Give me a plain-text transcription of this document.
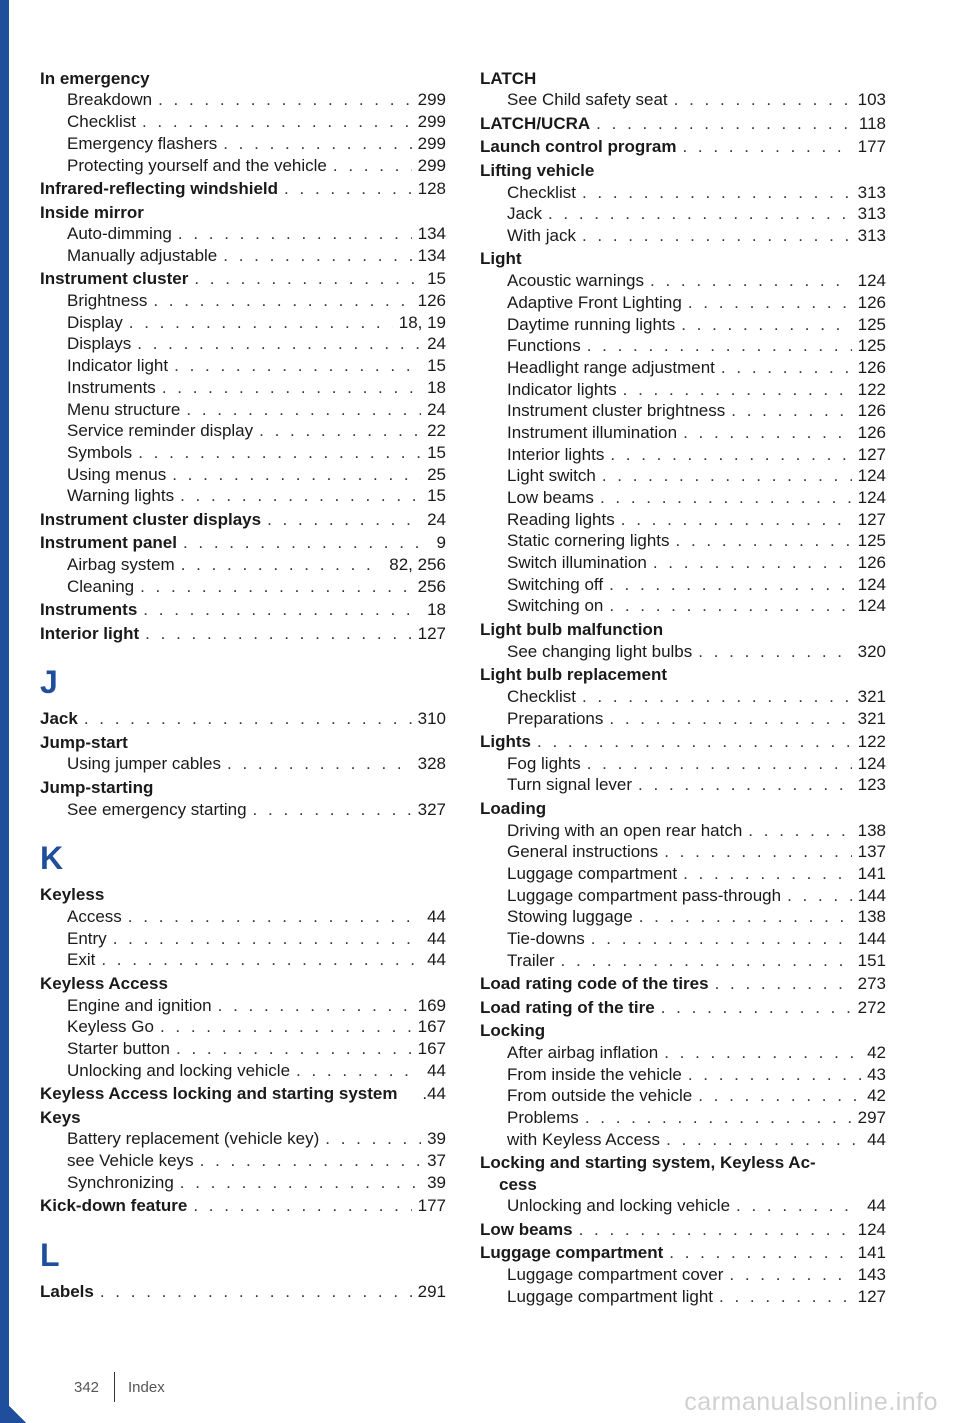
In emergency
Breakdown . . .	299
Checklist . . .	299
Emergency flashers . . .	299
Protecting yourself and the vehicle . . .	299
Infrared-reflecting windshield . . .	128
Inside mirror
Auto-dimming . . .	134
Manually adjustable . . .	134
Instrument cluster . . .	15
Brightness . . .	126
Display . . .	18, 19
Displays . . .	24
Indicator light . . .	15
Instruments . . .	18
Menu structure . . .	24
Service reminder display . . .	22
Symbols . . .	15
Using menus . . .	25
Warning lights . . .	15
Instrument cluster displays . . .	24
Instrument panel . . .	9
Airbag system . . .	82, 256
Cleaning . . .	256
Instruments . . .	18
Interior light . . .	127
J
Jack . . .	310
Jump-start
Using jumper cables . . .	328
Jump-starting
See emergency starting . . .	327
K
Keyless
Access . . .	44
Entry . . .	44
Exit . . .	44
Keyless Access
Engine and ignition . . .	169
Keyless Go . . .	167
Starter button . . .	167
Unlocking and locking vehicle . . .	44
Keyless Access locking and starting system .44
Keys
Battery replacement (vehicle key) . . .	39
see Vehicle keys . . .	37
Synchronizing . . .	39
Kick-down feature . . .	177
L
Labels . . .	291
LATCH
See Child safety seat . . .	103
LATCH/UCRA . . .	118
Launch control program . . .	177
Lifting vehicle
Checklist . . .	313
Jack . . .	313
With jack . . .	313
Light
Acoustic warnings . . .	124
Adaptive Front Lighting . . .	126
Daytime running lights . . .	125
Functions . . .	125
Headlight range adjustment . . .	126
Indicator lights . . .	122
Instrument cluster brightness . . .	126
Instrument illumination . . .	126
Interior lights . . .	127
Light switch . . .	124
Low beams . . .	124
Reading lights . . .	127
Static cornering lights . . .	125
Switch illumination . . .	126
Switching off . . .	124
Switching on . . .	124
Light bulb malfunction
See changing light bulbs . . .	320
Light bulb replacement
Checklist . . .	321
Preparations . . .	321
Lights . . .	122
Fog lights . . .	124
Turn signal lever . . .	123
Loading
Driving with an open rear hatch . . .	138
General instructions . . .	137
Luggage compartment . . .	141
Luggage compartment pass-through . . .	144
Stowing luggage . . .	138
Tie-downs . . .	144
Trailer . . .	151
Load rating code of the tires . . .	273
Load rating of the tire . . .	272
Locking
After airbag inflation . . .	42
From inside the vehicle . . .	43
From outside the vehicle . . .	42
Problems . . .	297
with Keyless Access . . .	44
Locking and starting system, Keyless Ac-
cess
Unlocking and locking vehicle . . .	44
Low beams . . .	124
Luggage compartment . . .	141
Luggage compartment cover . . .	143
Luggage compartment light . . .	127
342	Index
carmanualsonline.info
